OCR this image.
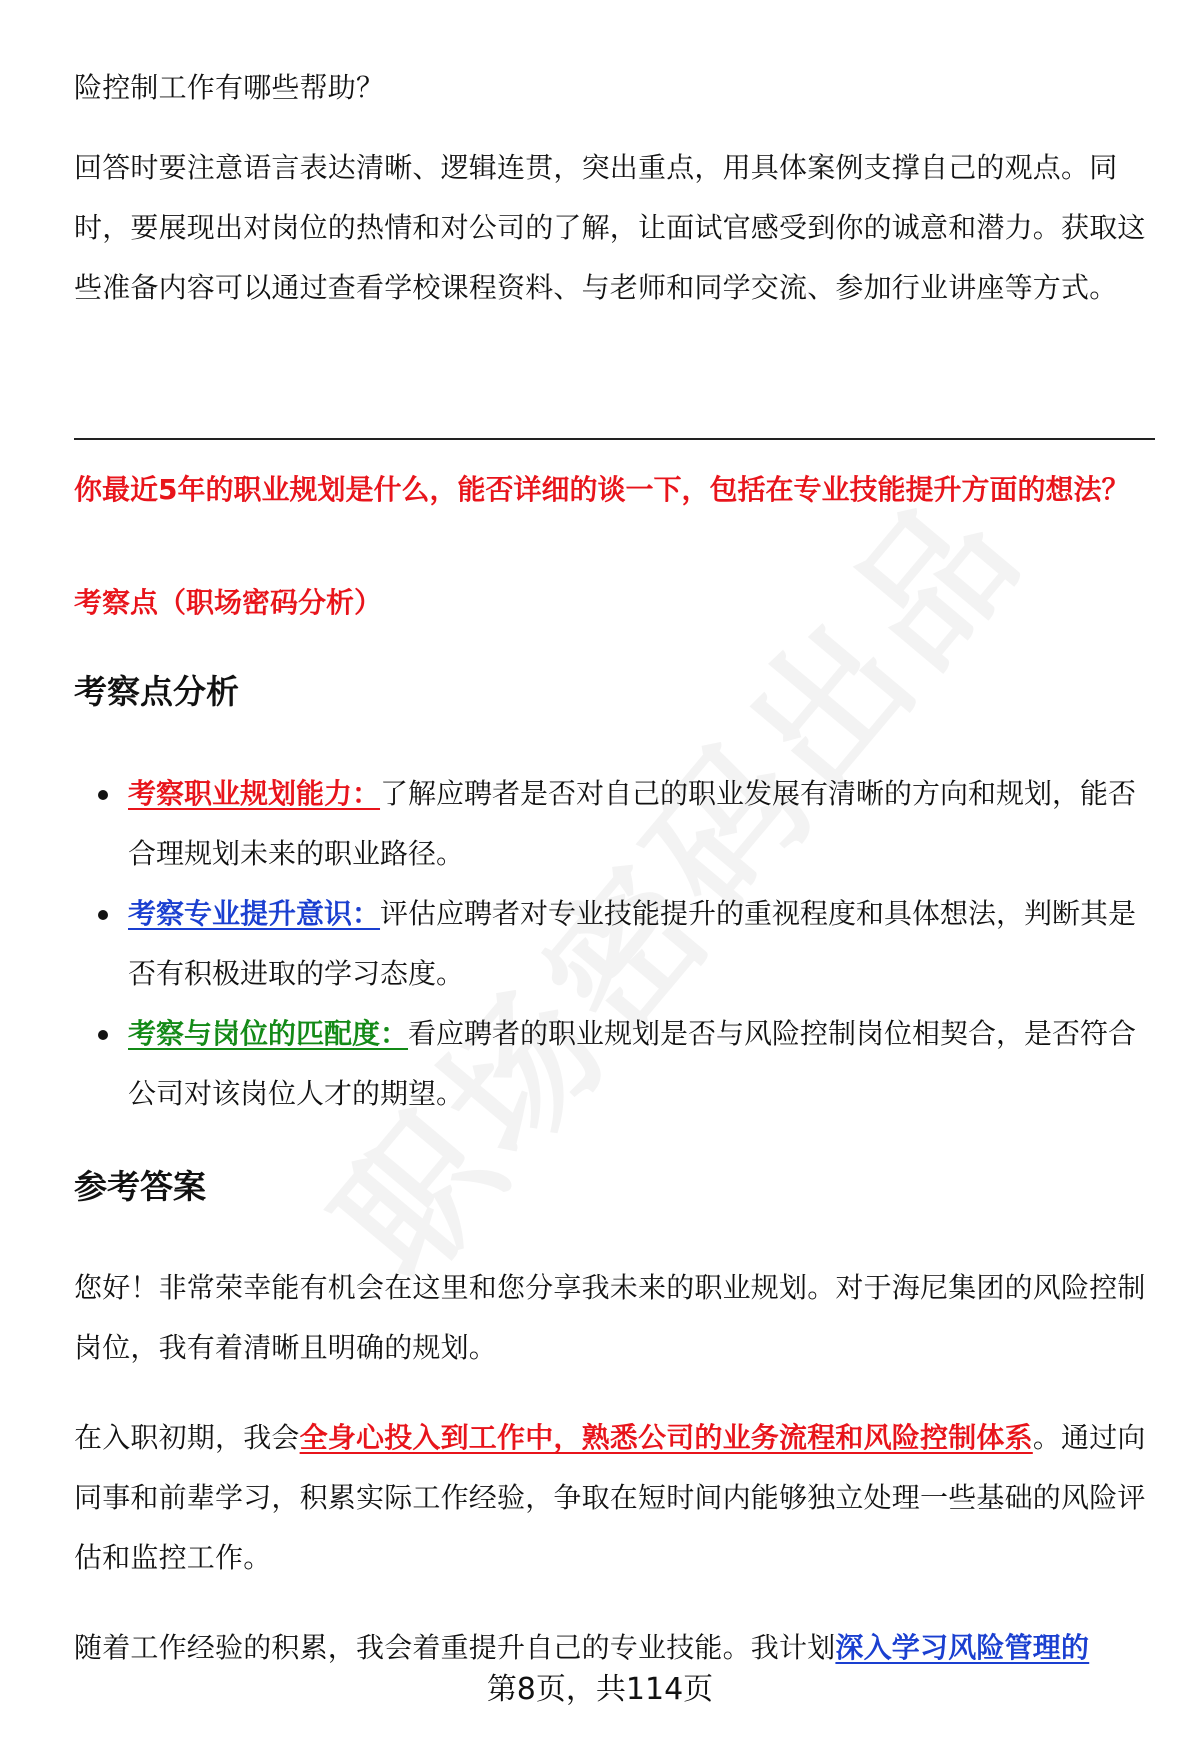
险控制工作有哪些帮助？

回答时要注意语言表达清晰、逻辑连贯，突出重点，用具体案例支撑自己的观点。同时，要展现出对岗位的热情和对公司的了解，让面试官感受到你的诚意和潜力。获取这些准备内容可以通过查看学校课程资料、与老师和同学交流、参加行业讲座等方式。

你最近5年的职业规划是什么，能否详细的谈一下，包括在专业技能提升方面的想法？

考察点（职场密码分析）

考察点分析
考察职业规划能力：了解应聘者是否对自己的职业发展有清晰的方向和规划，能否合理规划未来的职业路径。
考察专业提升意识：评估应聘者对专业技能提升的重视程度和具体想法，判断其是否有积极进取的学习态度。
考察与岗位的匹配度：看应聘者的职业规划是否与风险控制岗位相契合，是否符合公司对该岗位人才的期望。
参考答案

您好！非常荣幸能有机会在这里和您分享我未来的职业规划。对于海尼集团的风险控制岗位，我有着清晰且明确的规划。

在入职初期，我会全身心投入到工作中，熟悉公司的业务流程和风险控制体系。通过向同事和前辈学习，积累实际工作经验，争取在短时间内能够独立处理一些基础的风险评估和监控工作。

随着工作经验的积累，我会着重提升自己的专业技能。我计划深入学习风险管理的

第8页，共114页
